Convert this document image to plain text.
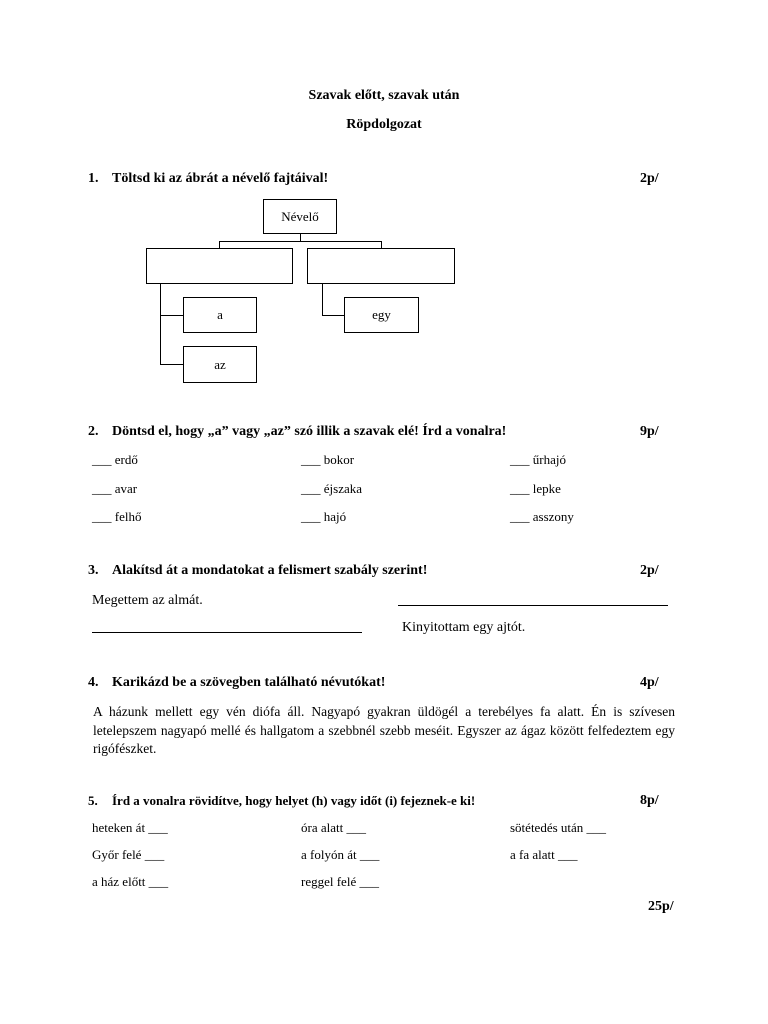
Szavak előtt, szavak után
Röpdolgozat
1. Töltsd ki az ábrát a névelő fajtáival!	2p/
Névelő
a	egy
az
2. Döntsd el, hogy „a” vagy „az” szó illik a szavak elé! Írd a vonalra!	9p/
___ erdő	___ bokor	___ űrhajó
___ avar	___ éjszaka	___ lepke
___ felhő	___ hajó	___ asszony
3. Alakítsd át a mondatokat a felismert szabály szerint!	2p/
Megettem az almát.
Kinyitottam egy ajtót.
4. Karikázd be a szövegben található névutókat!	4p/
A házunk mellett egy vén diófa áll. Nagyapó gyakran üldögél a terebélyes fa alatt. Én is szívesen letelepszem nagyapó mellé és hallgatom a szebbnél szebb meséit. Egyszer az ágaz között felfedeztem egy rigófészket.
5. Írd a vonalra rövidítve, hogy helyet (h) vagy időt (i) fejeznek-e ki!	8p/
heteken át ___	óra alatt ___	sötétedés után ___
Győr felé ___	a folyón át ___	a fa alatt ___
a ház előtt ___	reggel felé ___
25p/
